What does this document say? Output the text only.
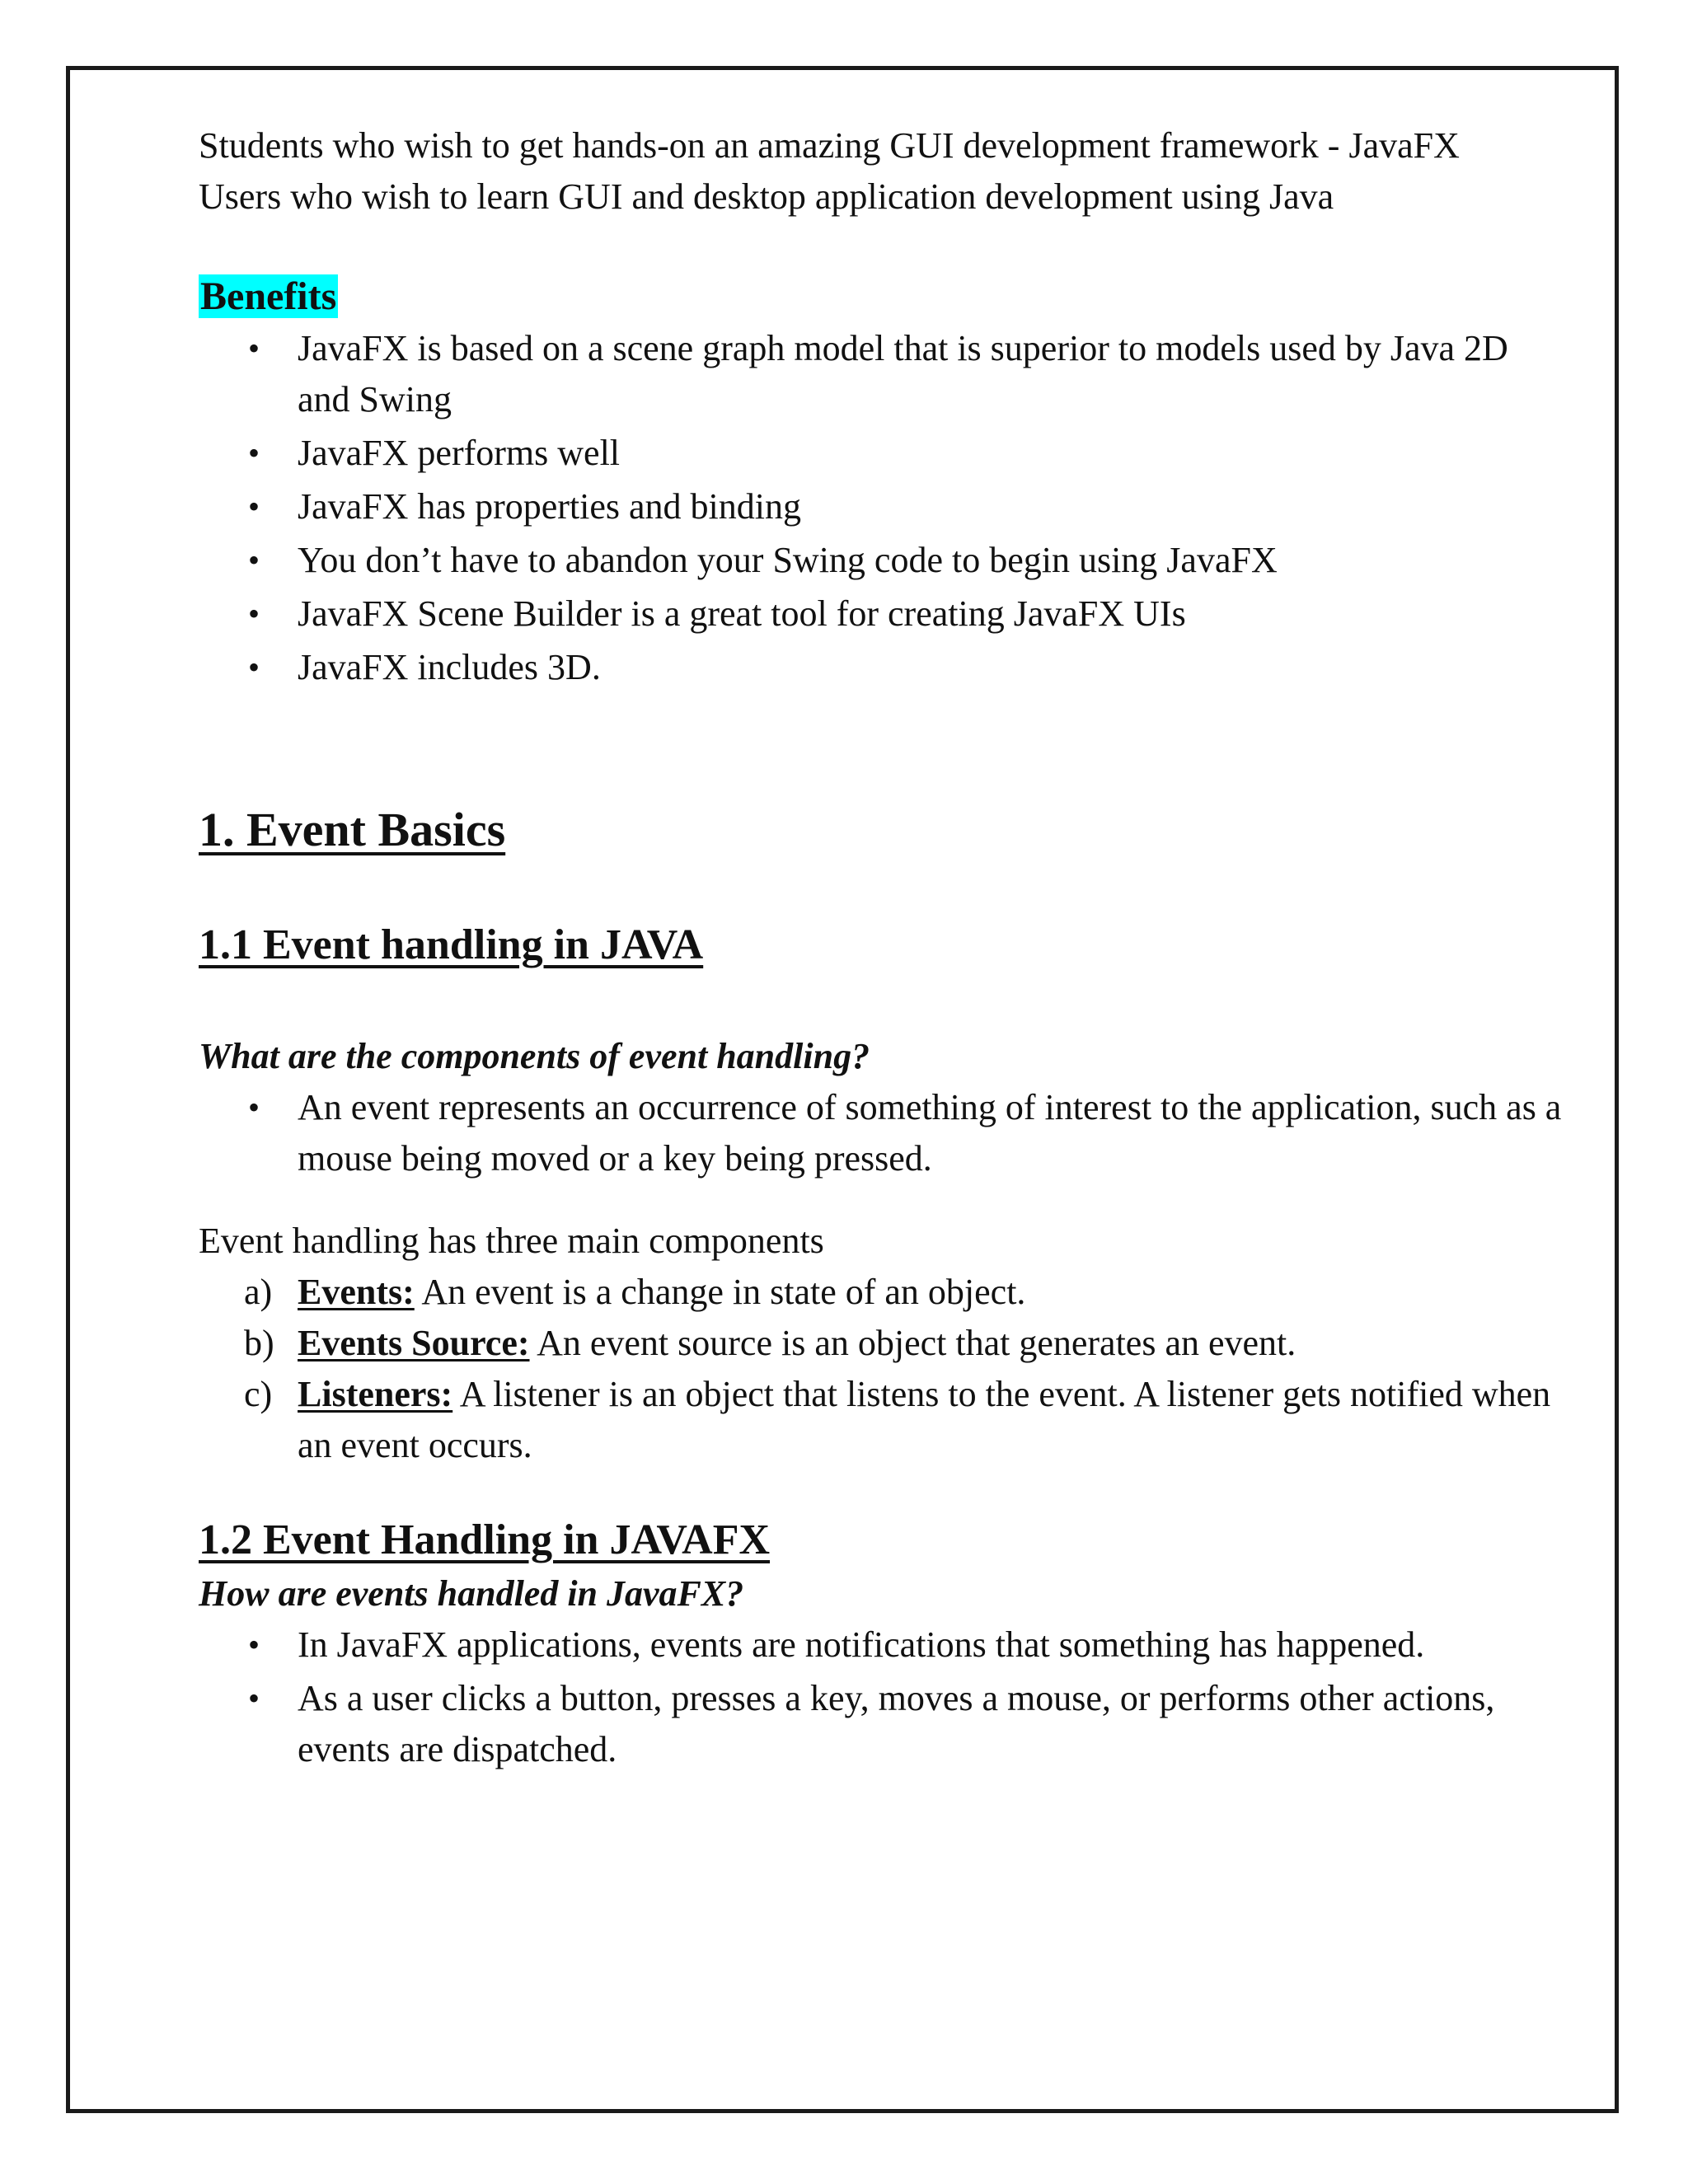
Students who wish to get hands-on an amazing GUI development framework - JavaFX

Users who wish to learn GUI and desktop application development using Java

Benefits
• JavaFX is based on a scene graph model that is superior to models used by Java 2D and Swing
• JavaFX performs well
• JavaFX has properties and binding
• You don’t have to abandon your Swing code to begin using JavaFX
• JavaFX Scene Builder is a great tool for creating JavaFX UIs
• JavaFX includes 3D.
1. Event Basics
1.1 Event handling in JAVA
What are the components of event handling?
• An event represents an occurrence of something of interest to the application, such as a mouse being moved or a key being pressed.

Event handling has three main components

a) Events: An event is a change in state of an object.
b) Events Source: An event source is an object that generates an event.
c) Listeners: A listener is an object that listens to the event. A listener gets notified when an event occurs.
1.2 Event Handling in JAVAFX
How are events handled in JavaFX?
• In JavaFX applications, events are notifications that something has happened.
• As a user clicks a button, presses a key, moves a mouse, or performs other actions, events are dispatched.
